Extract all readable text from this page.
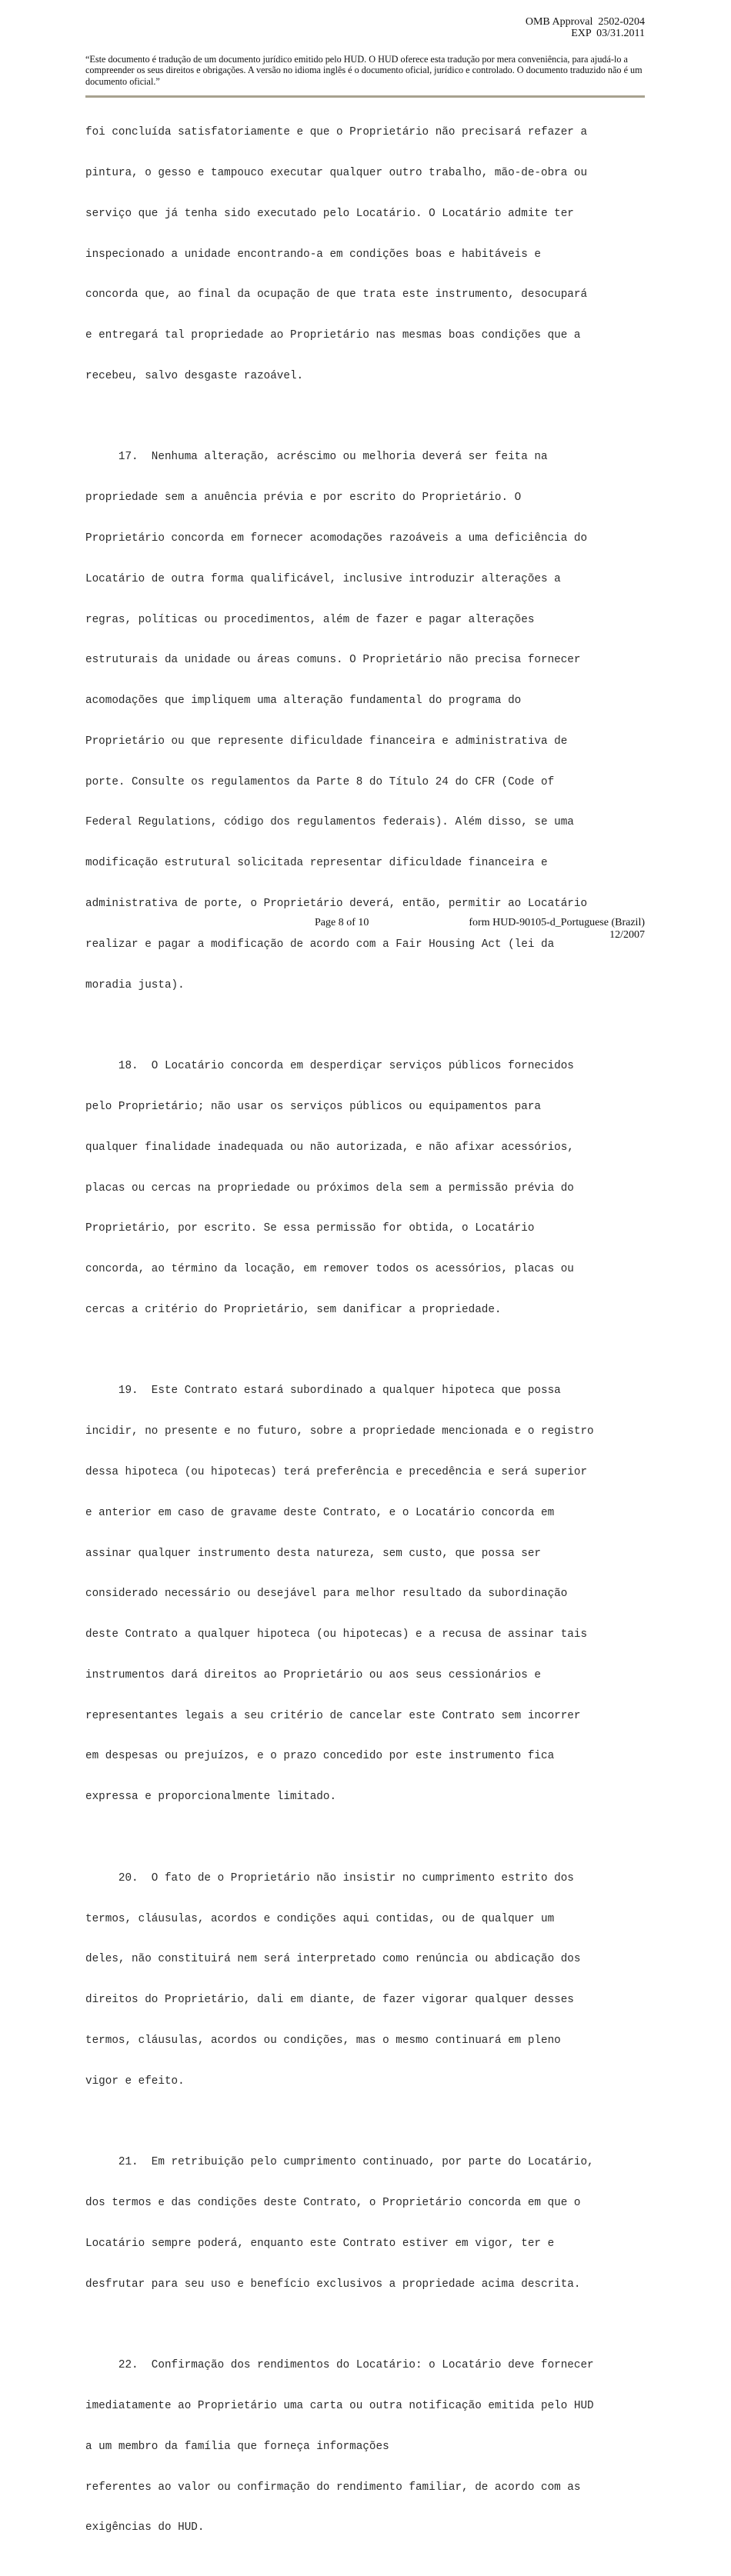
OMB Approval  2502-0204
EXP  03/31.2011
“Este documento é tradução de um documento jurídico emitido pelo HUD. O HUD oferece esta tradução por mera conveniência, para ajudá-lo a compreender os seus direitos e obrigações. A versão no idioma inglês é o documento oficial, jurídico e controlado. O documento traduzido não é um documento oficial.”

foi concluída satisfatoriamente e que o Proprietário não precisará refazer a

pintura, o gesso e tampouco executar qualquer outro trabalho, mão-de-obra ou

serviço que já tenha sido executado pelo Locatário. O Locatário admite ter

inspecionado a unidade encontrando-a em condições boas e habitáveis e

concorda que, ao final da ocupação de que trata este instrumento, desocupará

e entregará tal propriedade ao Proprietário nas mesmas boas condições que a

recebeu, salvo desgaste razoável.

17.  Nenhuma alteração, acréscimo ou melhoria deverá ser feita na

propriedade sem a anuência prévia e por escrito do Proprietário. O

Proprietário concorda em fornecer acomodações razoáveis a uma deficiência do

Locatário de outra forma qualificável, inclusive introduzir alterações a

regras, políticas ou procedimentos, além de fazer e pagar alterações

estruturais da unidade ou áreas comuns. O Proprietário não precisa fornecer

acomodações que impliquem uma alteração fundamental do programa do

Proprietário ou que represente dificuldade financeira e administrativa de

porte. Consulte os regulamentos da Parte 8 do Título 24 do CFR (Code of

Federal Regulations, código dos regulamentos federais). Além disso, se uma

modificação estrutural solicitada representar dificuldade financeira e

administrativa de porte, o Proprietário deverá, então, permitir ao Locatário

realizar e pagar a modificação de acordo com a Fair Housing Act (lei da

moradia justa).

18.  O Locatário concorda em desperdiçar serviços públicos fornecidos

pelo Proprietário; não usar os serviços públicos ou equipamentos para

qualquer finalidade inadequada ou não autorizada, e não afixar acessórios,

placas ou cercas na propriedade ou próximos dela sem a permissão prévia do

Proprietário, por escrito. Se essa permissão for obtida, o Locatário

concorda, ao término da locação, em remover todos os acessórios, placas ou

cercas a critério do Proprietário, sem danificar a propriedade.

19.  Este Contrato estará subordinado a qualquer hipoteca que possa

incidir, no presente e no futuro, sobre a propriedade mencionada e o registro

dessa hipoteca (ou hipotecas) terá preferência e precedência e será superior

e anterior em caso de gravame deste Contrato, e o Locatário concorda em

assinar qualquer instrumento desta natureza, sem custo, que possa ser

considerado necessário ou desejável para melhor resultado da subordinação

deste Contrato a qualquer hipoteca (ou hipotecas) e a recusa de assinar tais

instrumentos dará direitos ao Proprietário ou aos seus cessionários e

representantes legais a seu critério de cancelar este Contrato sem incorrer

em despesas ou prejuízos, e o prazo concedido por este instrumento fica

expressa e proporcionalmente limitado.

20.  O fato de o Proprietário não insistir no cumprimento estrito dos

termos, cláusulas, acordos e condições aqui contidas, ou de qualquer um

deles, não constituirá nem será interpretado como renúncia ou abdicação dos

direitos do Proprietário, dali em diante, de fazer vigorar qualquer desses

termos, cláusulas, acordos ou condições, mas o mesmo continuará em pleno

vigor e efeito.

21.  Em retribuição pelo cumprimento continuado, por parte do Locatário,

dos termos e das condições deste Contrato, o Proprietário concorda em que o

Locatário sempre poderá, enquanto este Contrato estiver em vigor, ter e

desfrutar para seu uso e benefício exclusivos a propriedade acima descrita.

22.  Confirmação dos rendimentos do Locatário: o Locatário deve fornecer

imediatamente ao Proprietário uma carta ou outra notificação emitida pelo HUD

a um membro da família que forneça informações

referentes ao valor ou confirmação do rendimento familiar, de acordo com as

exigências do HUD.

Page 8 of 10	form HUD-90105-d_Portuguese (Brazil)
12/2007
